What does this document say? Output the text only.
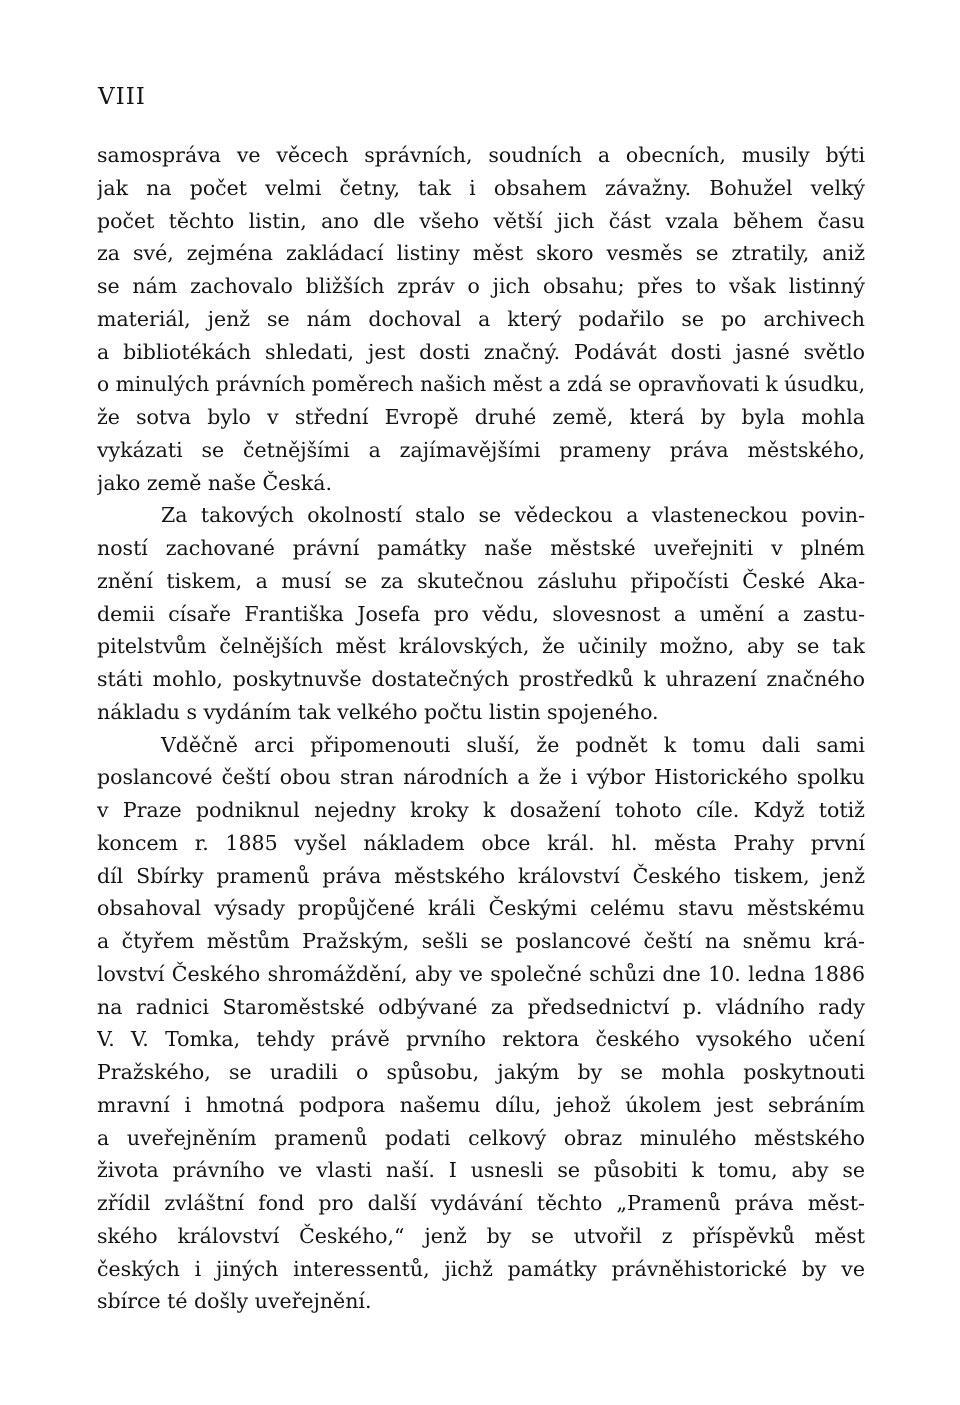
VIII
samospráva ve věcech správních, soudních a obecních, musily býti
jak na počet velmi četny, tak i obsahem závažny. Bohužel velký
počet těchto listin, ano dle všeho větší jich část vzala během času
za své, zejména zakládací listiny měst skoro vesměs se ztratily, aniž
se nám zachovalo bližších zpráv o jich obsahu; přes to však listinný
materiál, jenž se nám dochoval a který podařilo se po archivech
a bibliotékách shledati, jest dosti značný. Podávát dosti jasné světlo
o minulých právních poměrech našich měst a zdá se opravňovati k úsudku,
že sotva bylo v střední Evropě druhé země, která by byla mohla
vykázati se četnějšími a zajímavějšími prameny práva městského,
jako země naše Česká.
Za takových okolností stalo se vědeckou a vlasteneckou povin-
ností zachované právní památky naše městské uveřejniti v plném
znění tiskem, a musí se za skutečnou zásluhu připočísti České Aka-
demii císaře Františka Josefa pro vědu, slovesnost a umění a zastu-
pitelstvům čelnějších měst královských, že učinily možno, aby se tak
státi mohlo, poskytnuvše dostatečných prostředků k uhrazení značného
nákladu s vydáním tak velkého počtu listin spojeného.
Vděčně arci připomenouti sluší, že podnět k tomu dali sami
poslancové čeští obou stran národních a že i výbor Historického spolku
v Praze podniknul nejedny kroky k dosažení tohoto cíle. Když totiž
koncem r. 1885 vyšel nákladem obce král. hl. města Prahy první
díl Sbírky pramenů práva městského království Českého tiskem, jenž
obsahoval výsady propůjčené králi Českými celému stavu městskému
a čtyřem městům Pražským, sešli se poslancové čeští na sněmu krá-
lovství Českého shromáždění, aby ve společné schůzi dne 10. ledna 1886
na radnici Staroměstské odbývané za předsednictví p. vládního rady
V. V. Tomka, tehdy právě prvního rektora českého vysokého učení
Pražského, se uradili o spůsobu, jakým by se mohla poskytnouti
mravní i hmotná podpora našemu dílu, jehož úkolem jest sebráním
a uveřejněním pramenů podati celkový obraz minulého městského
života právního ve vlasti naší. I usnesli se působiti k tomu, aby se
zřídil zvláštní fond pro další vydávání těchto „Pramenů práva měst-
ského království Českého,“ jenž by se utvořil z příspěvků měst
českých i jiných interessentů, jichž památky právněhistorické by ve
sbírce té došly uveřejnění.
